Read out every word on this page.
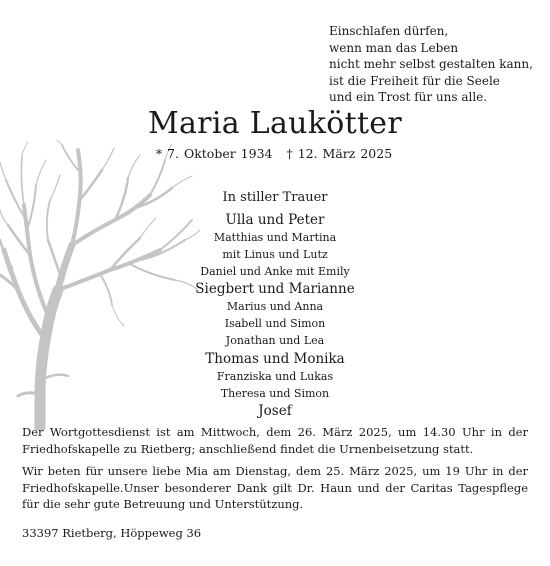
Einschlafen dürfen,
wenn man das Leben
nicht mehr selbst gestalten kann,
ist die Freiheit für die Seele
und ein Trost für uns alle.
Maria Laukötter
* 7. Oktober 1934 † 12. März 2025
In stiller Trauer
Ulla und Peter
Matthias und Martina
mit Linus und Lutz
Daniel und Anke mit Emily
Siegbert und Marianne
Marius und Anna
Isabell und Simon
Jonathan und Lea
Thomas und Monika
Franziska und Lukas
Theresa und Simon
Josef
Der Wortgottesdienst ist am Mittwoch, dem 26. März 2025, um 14.30 Uhr in der Friedhofskapelle zu Rietberg; anschließend findet die Urnenbeisetzung statt.
Wir beten für unsere liebe Mia am Dienstag, dem 25. März 2025, um 19 Uhr in der Friedhofskapelle.Unser besonderer Dank gilt Dr. Haun und der Caritas Tagespflege für die sehr gute Betreuung und Unterstützung.
33397 Rietberg, Höppeweg 36
